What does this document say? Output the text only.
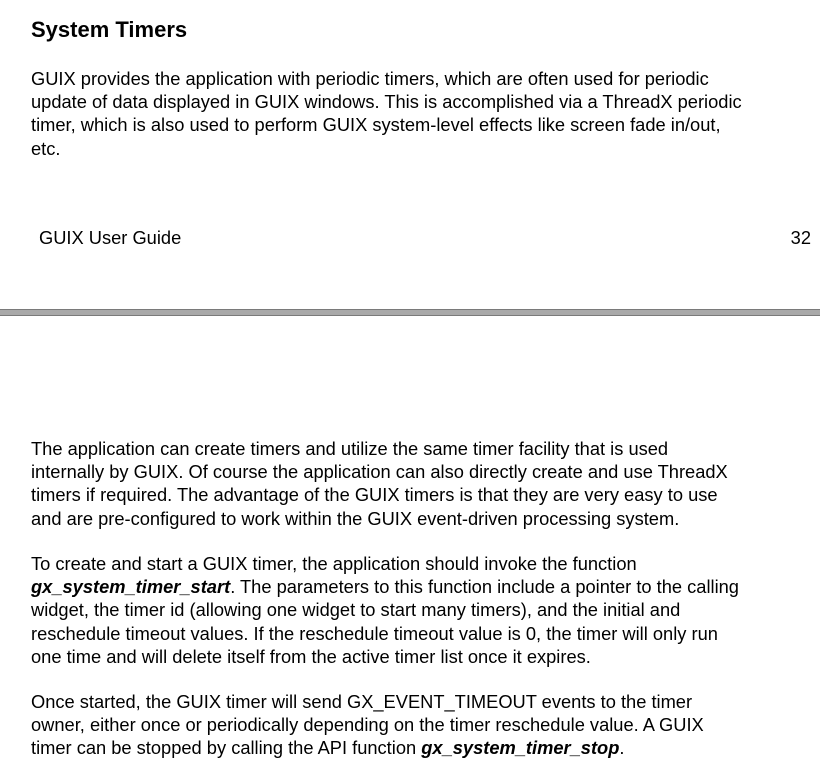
System Timers

GUIX provides the application with periodic timers, which are often used for periodic
update of data displayed in GUIX windows. This is accomplished via a ThreadX periodic
timer, which is also used to perform GUIX system-level effects like screen fade in/out,
etc.

GUIX User Guide	32

The application can create timers and utilize the same timer facility that is used
internally by GUIX. Of course the application can also directly create and use ThreadX
timers if required. The advantage of the GUIX timers is that they are very easy to use
and are pre-configured to work within the GUIX event-driven processing system.

To create and start a GUIX timer, the application should invoke the function
gx_system_timer_start. The parameters to this function include a pointer to the calling
widget, the timer id (allowing one widget to start many timers), and the initial and
reschedule timeout values. If the reschedule timeout value is 0, the timer will only run
one time and will delete itself from the active timer list once it expires.

Once started, the GUIX timer will send GX_EVENT_TIMEOUT events to the timer
owner, either once or periodically depending on the timer reschedule value. A GUIX
timer can be stopped by calling the API function gx_system_timer_stop.
